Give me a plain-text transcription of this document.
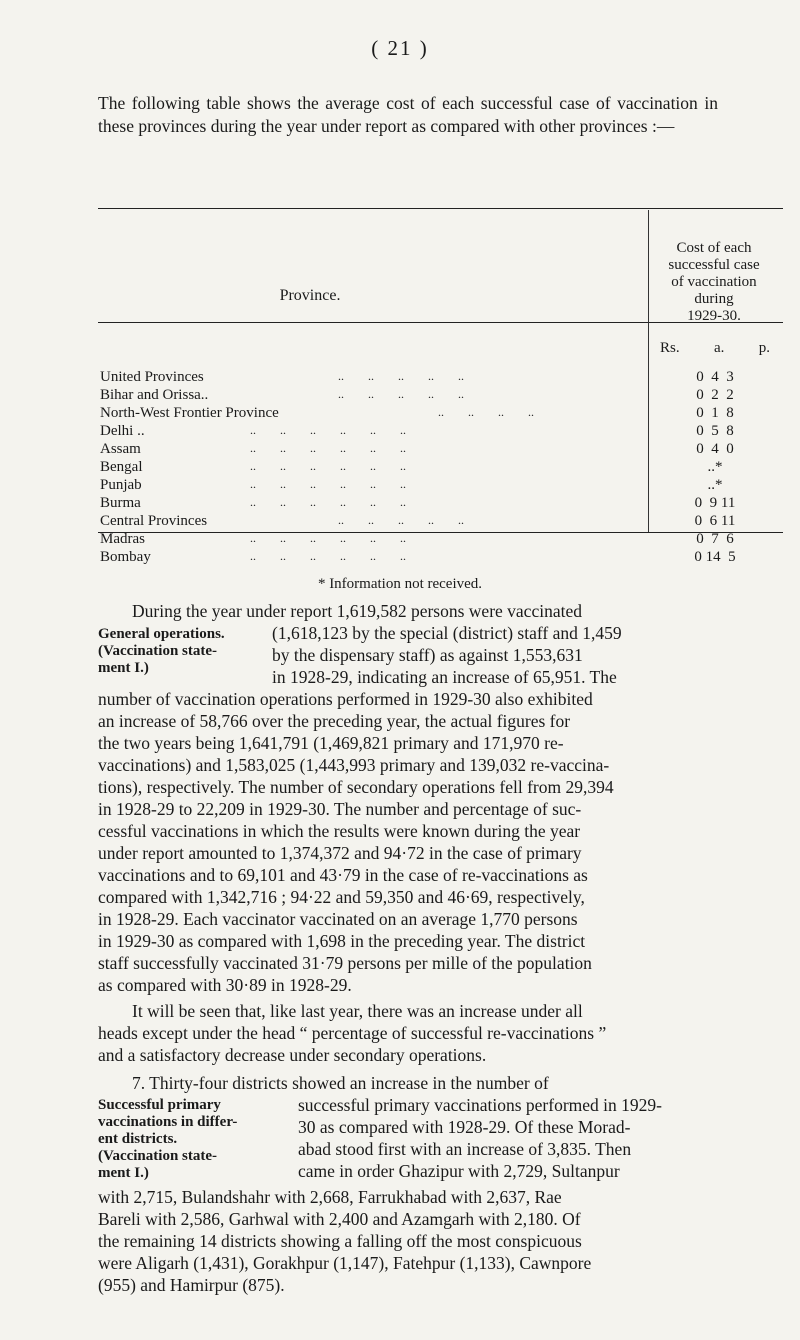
( 21 )
The following table shows the average cost of each successful case of vaccination in these provinces during the year under report as compared with other provinces :—
Province.
Cost of each
successful case
of vaccination
during
1929-30.
Rs. a. p.
United Provinces	..        ..        ..        ..        ..	0  4  3
Bihar and Orissa..	..        ..        ..        ..        ..	0  2  2
North-West Frontier Province	..        ..        ..        ..	0  1  8
Delhi ..	..        ..        ..        ..        ..        ..	0  5  8
Assam	..        ..        ..        ..        ..        ..	0  4  0
Bengal	..        ..        ..        ..        ..        ..	..*
Punjab	..        ..        ..        ..        ..        ..	..*
Burma	..        ..        ..        ..        ..        ..	0  9 11
Central Provinces	..        ..        ..        ..        ..	0  6 11
Madras	..        ..        ..        ..        ..        ..	0  7  6
Bombay	..        ..        ..        ..        ..        ..	0 14  5
* Information not received.
During the year under report 1,619,582 persons were vaccinated
(1,618,123 by the special (district) staff and 1,459
by the dispensary staff) as against 1,553,631
in 1928-29, indicating an increase of 65,951. The
General operations.
(Vaccination state-
ment I.)
number of vaccination operations performed in 1929-30 also exhibited
an increase of 58,766 over the preceding year, the actual figures for
the two years being 1,641,791 (1,469,821 primary and 171,970 re-
vaccinations) and 1,583,025 (1,443,993 primary and 139,032 re-vaccina-
tions), respectively. The number of secondary operations fell from 29,394
in 1928-29 to 22,209 in 1929-30. The number and percentage of suc-
cessful vaccinations in which the results were known during the year
under report amounted to 1,374,372 and 94·72 in the case of primary
vaccinations and to 69,101 and 43·79 in the case of re-vaccinations as
compared with 1,342,716 ; 94·22 and 59,350 and 46·69, respectively,
in 1928-29. Each vaccinator vaccinated on an average 1,770 persons
in 1929-30 as compared with 1,698 in the preceding year. The district
staff successfully vaccinated 31·79 persons per mille of the population
as compared with 30·89 in 1928-29.
It will be seen that, like last year, there was an increase under all
heads except under the head “ percentage of successful re-vaccinations ”
and a satisfactory decrease under secondary operations.
7. Thirty-four districts showed an increase in the number of
Successful primary
vaccinations in differ-
ent districts.
(Vaccination state-
ment I.)
successful primary vaccinations performed in 1929-
30 as compared with 1928-29. Of these Morad-
abad stood first with an increase of 3,835. Then
came in order Ghazipur with 2,729, Sultanpur
with 2,715, Bulandshahr with 2,668, Farrukhabad with 2,637, Rae
Bareli with 2,586, Garhwal with 2,400 and Azamgarh with 2,180. Of
the remaining 14 districts showing a falling off the most conspicuous
were Aligarh (1,431), Gorakhpur (1,147), Fatehpur (1,133), Cawnpore
(955) and Hamirpur (875).
